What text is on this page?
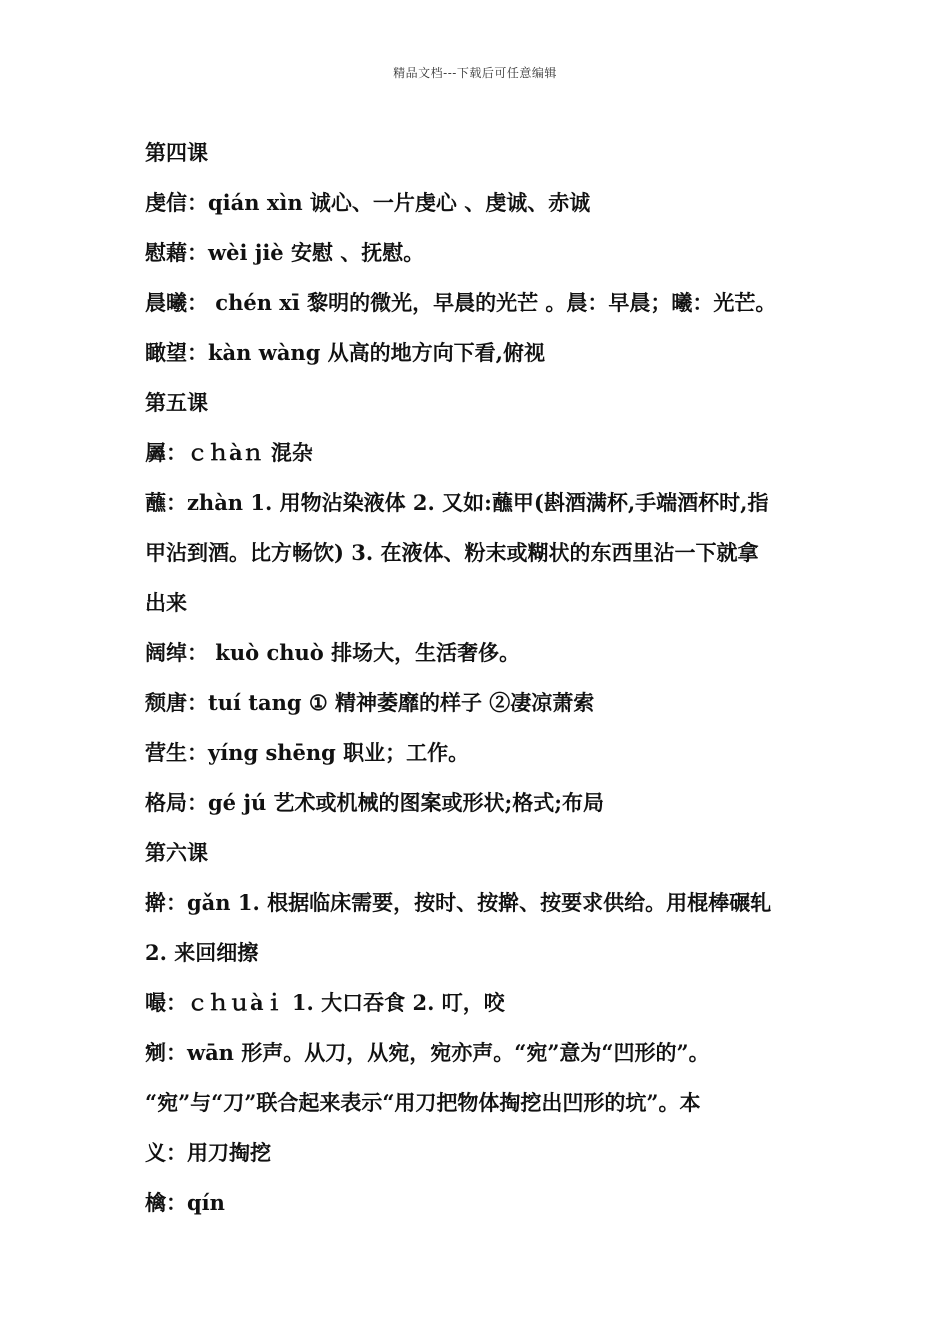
精品文档---下载后可任意编辑
第四课
虔信：qián xìn 诚心、一片虔心 、虔诚、赤诚
慰藉：wèi jiè 安慰 、抚慰。
晨曦： chén xī 黎明的微光，早晨的光芒 。晨：早晨；曦：光芒。
瞰望：kàn wàng 从高的地方向下看,俯视
第五课
羼：ｃｈàｎ 混杂
蘸：zhàn 1. 用物沾染液体 2. 又如:蘸甲(斟酒满杯,手端酒杯时,指
甲沾到酒。比方畅饮) 3. 在液体、粉末或糊状的东西里沾一下就拿
出来
阔绰： kuò chuò 排场大，生活奢侈。
颓唐：tuí tang ① 精神萎靡的样子 ②凄凉萧索
营生：yíng shēng 职业；工作。
格局：gé jú 艺术或机械的图案或形状;格式;布局
第六课
擀：gǎn 1. 根据临床需要，按时、按擀、按要求供给。用棍棒碾轧
2. 来回细擦
嘬：ｃｈｕàｉ 1. 大口吞食 2. 叮，咬
剜：wān 形声。从刀，从宛，宛亦声。“宛”意为“凹形的”。
“宛”与“刀”联合起来表示“用刀把物体掏挖出凹形的坑”。本
义：用刀掏挖
檎：qín
